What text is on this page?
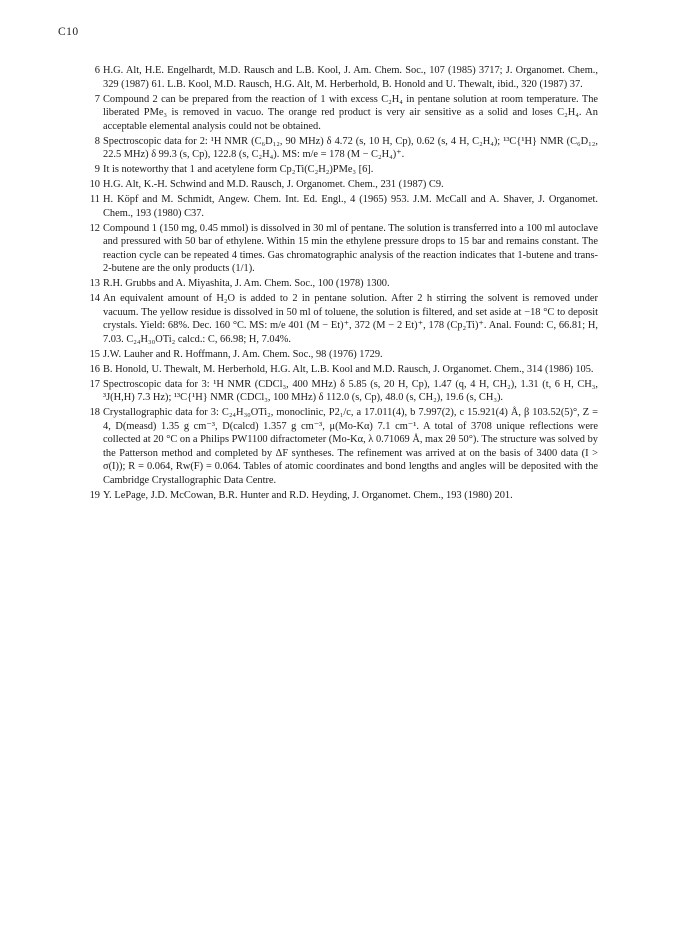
C10
6 H.G. Alt, H.E. Engelhardt, M.D. Rausch and L.B. Kool, J. Am. Chem. Soc., 107 (1985) 3717; J. Organomet. Chem., 329 (1987) 61. L.B. Kool, M.D. Rausch, H.G. Alt, M. Herberhold, B. Honold and U. Thewalt, ibid., 320 (1987) 37.
7 Compound 2 can be prepared from the reaction of 1 with excess C₂H₄ in pentane solution at room temperature. The liberated PMe₃ is removed in vacuo. The orange red product is very air sensitive as a solid and loses C₂H₄. An acceptable elemental analysis could not be obtained.
8 Spectroscopic data for 2: ¹H NMR (C₆D₁₂, 90 MHz) δ 4.72 (s, 10 H, Cp), 0.62 (s, 4 H, C₂H₄); ¹³C{¹H} NMR (C₆D₁₂, 22.5 MHz) δ 99.3 (s, Cp), 122.8 (s, C₂H₄). MS: m/e = 178 (M − C₂H₄)⁺.
9 It is noteworthy that 1 and acetylene form Cp₂Ti(C₂H₂)PMe₃ [6].
10 H.G. Alt, K.-H. Schwind and M.D. Rausch, J. Organomet. Chem., 231 (1987) C9.
11 H. Köpf and M. Schmidt, Angew. Chem. Int. Ed. Engl., 4 (1965) 953. J.M. McCall and A. Shaver, J. Organomet. Chem., 193 (1980) C37.
12 Compound 1 (150 mg, 0.45 mmol) is dissolved in 30 ml of pentane. The solution is transferred into a 100 ml autoclave and pressured with 50 bar of ethylene. Within 15 min the ethylene pressure drops to 15 bar and remains constant. The reaction cycle can be repeated 4 times. Gas chromatographic analysis of the reaction indicates that 1-butene and trans-2-butene are the only products (1/1).
13 R.H. Grubbs and A. Miyashita, J. Am. Chem. Soc., 100 (1978) 1300.
14 An equivalent amount of H₂O is added to 2 in pentane solution. After 2 h stirring the solvent is removed under vacuum. The yellow residue is dissolved in 50 ml of toluene, the solution is filtered, and set aside at −18 °C to deposit crystals. Yield: 68%. Dec. 160 °C. MS: m/e 401 (M − Et)⁺, 372 (M − 2 Et)⁺, 178 (Cp₂Ti)⁺. Anal. Found: C, 66.81; H, 7.03. C₂₄H₃₀OTi₂ calcd.: C, 66.98; H, 7.04%.
15 J.W. Lauher and R. Hoffmann, J. Am. Chem. Soc., 98 (1976) 1729.
16 B. Honold, U. Thewalt, M. Herberhold, H.G. Alt, L.B. Kool and M.D. Rausch, J. Organomet. Chem., 314 (1986) 105.
17 Spectroscopic data for 3: ¹H NMR (CDCl₃, 400 MHz) δ 5.85 (s, 20 H, Cp), 1.47 (q, 4 H, CH₂), 1.31 (t, 6 H, CH₃, ³J(H,H) 7.3 Hz); ¹³C{¹H} NMR (CDCl₃, 100 MHz) δ 112.0 (s, Cp), 48.0 (s, CH₂), 19.6 (s, CH₃).
18 Crystallographic data for 3: C₂₄H₃₀OTi₂, monoclinic, P2₁/c, a 17.011(4), b 7.997(2), c 15.921(4) Å, β 103.52(5)°, Z = 4, D(measd) 1.35 g cm⁻³, D(calcd) 1.357 g cm⁻³, μ(Mo-Kα) 7.1 cm⁻¹. A total of 3708 unique reflections were collected at 20 °C on a Philips PW1100 difractometer (Mo-Kα, λ 0.71069 Å, max 2θ 50°). The structure was solved by the Patterson method and completed by ΔF syntheses. The refinement was arrived at on the basis of 3400 data (I > σ(I)); R = 0.064, Rw(F) = 0.064. Tables of atomic coordinates and bond lengths and angles will be deposited with the Cambridge Crystallographic Data Centre.
19 Y. LePage, J.D. McCowan, B.R. Hunter and R.D. Heyding, J. Organomet. Chem., 193 (1980) 201.
